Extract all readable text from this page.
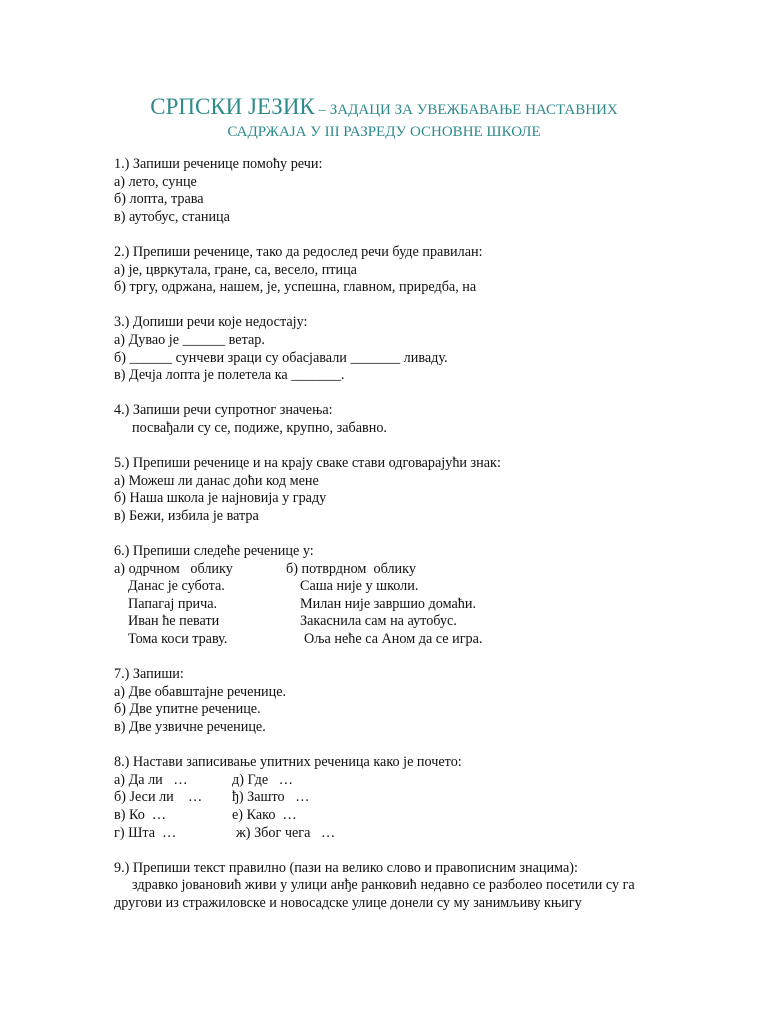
СРПСКИ ЈЕЗИК – ЗАДАЦИ ЗА УВЕЖБАВАЊЕ НАСТАВНИХ
САДРЖАЈА У III РАЗРЕДУ ОСНОВНЕ ШКОЛЕ
1.) Запиши реченице помоћу речи:
а) лето, сунце
б) лопта, трава
в) аутобус, станица
2.) Препиши реченице, тако да редослед речи буде правилан:
а) је, цвркутала, гране, са, весело, птица
б) тргу, одржана, нашем, је, успешна, главном, приредба, на
3.) Допиши речи које недостају:
а) Дувао је ______ ветар.
б) ______ сунчеви зраци су обасјавали _______ ливаду.
в) Дечја лопта је полетела ка _______.
4.) Запиши речи супротног значења:
посвађали су се, подиже, крупно, забавно.
5.) Препиши реченице и на крају сваке стави одговарајући знак:
а) Можеш ли данас доћи код мене
б) Наша школа је најновија у граду
в) Бежи, избила је ватра
6.) Препиши следеће реченице у:
а) одрчном   облику	б) потврдном  облику
Данас је субота.	Саша није у школи.
Папагај прича.	Милан није завршио домаћи.
Иван ће певати	Закаснила сам на аутобус.
Тома коси траву.	Оља неће са Аном да се игра.
7.) Запиши:
а) Две обавштајне реченице.
б) Две упитне реченице.
в) Две узвичне реченице.
8.) Настави записивање упитних реченица како је почето:
а) Да ли   …	д) Где   …
б) Јеси ли    … ђ) Зашто   …
в) Ко  …	е) Како  …
г) Шта  …	ж) Због чега   …
9.) Препиши текст правилно (пази на велико слово и правописним знацима):
здравко јовановић живи у улици анђе ранковић недавно се разболео посетили су га другови из стражиловске и новосадске улице донели су му занимљиву књигу
